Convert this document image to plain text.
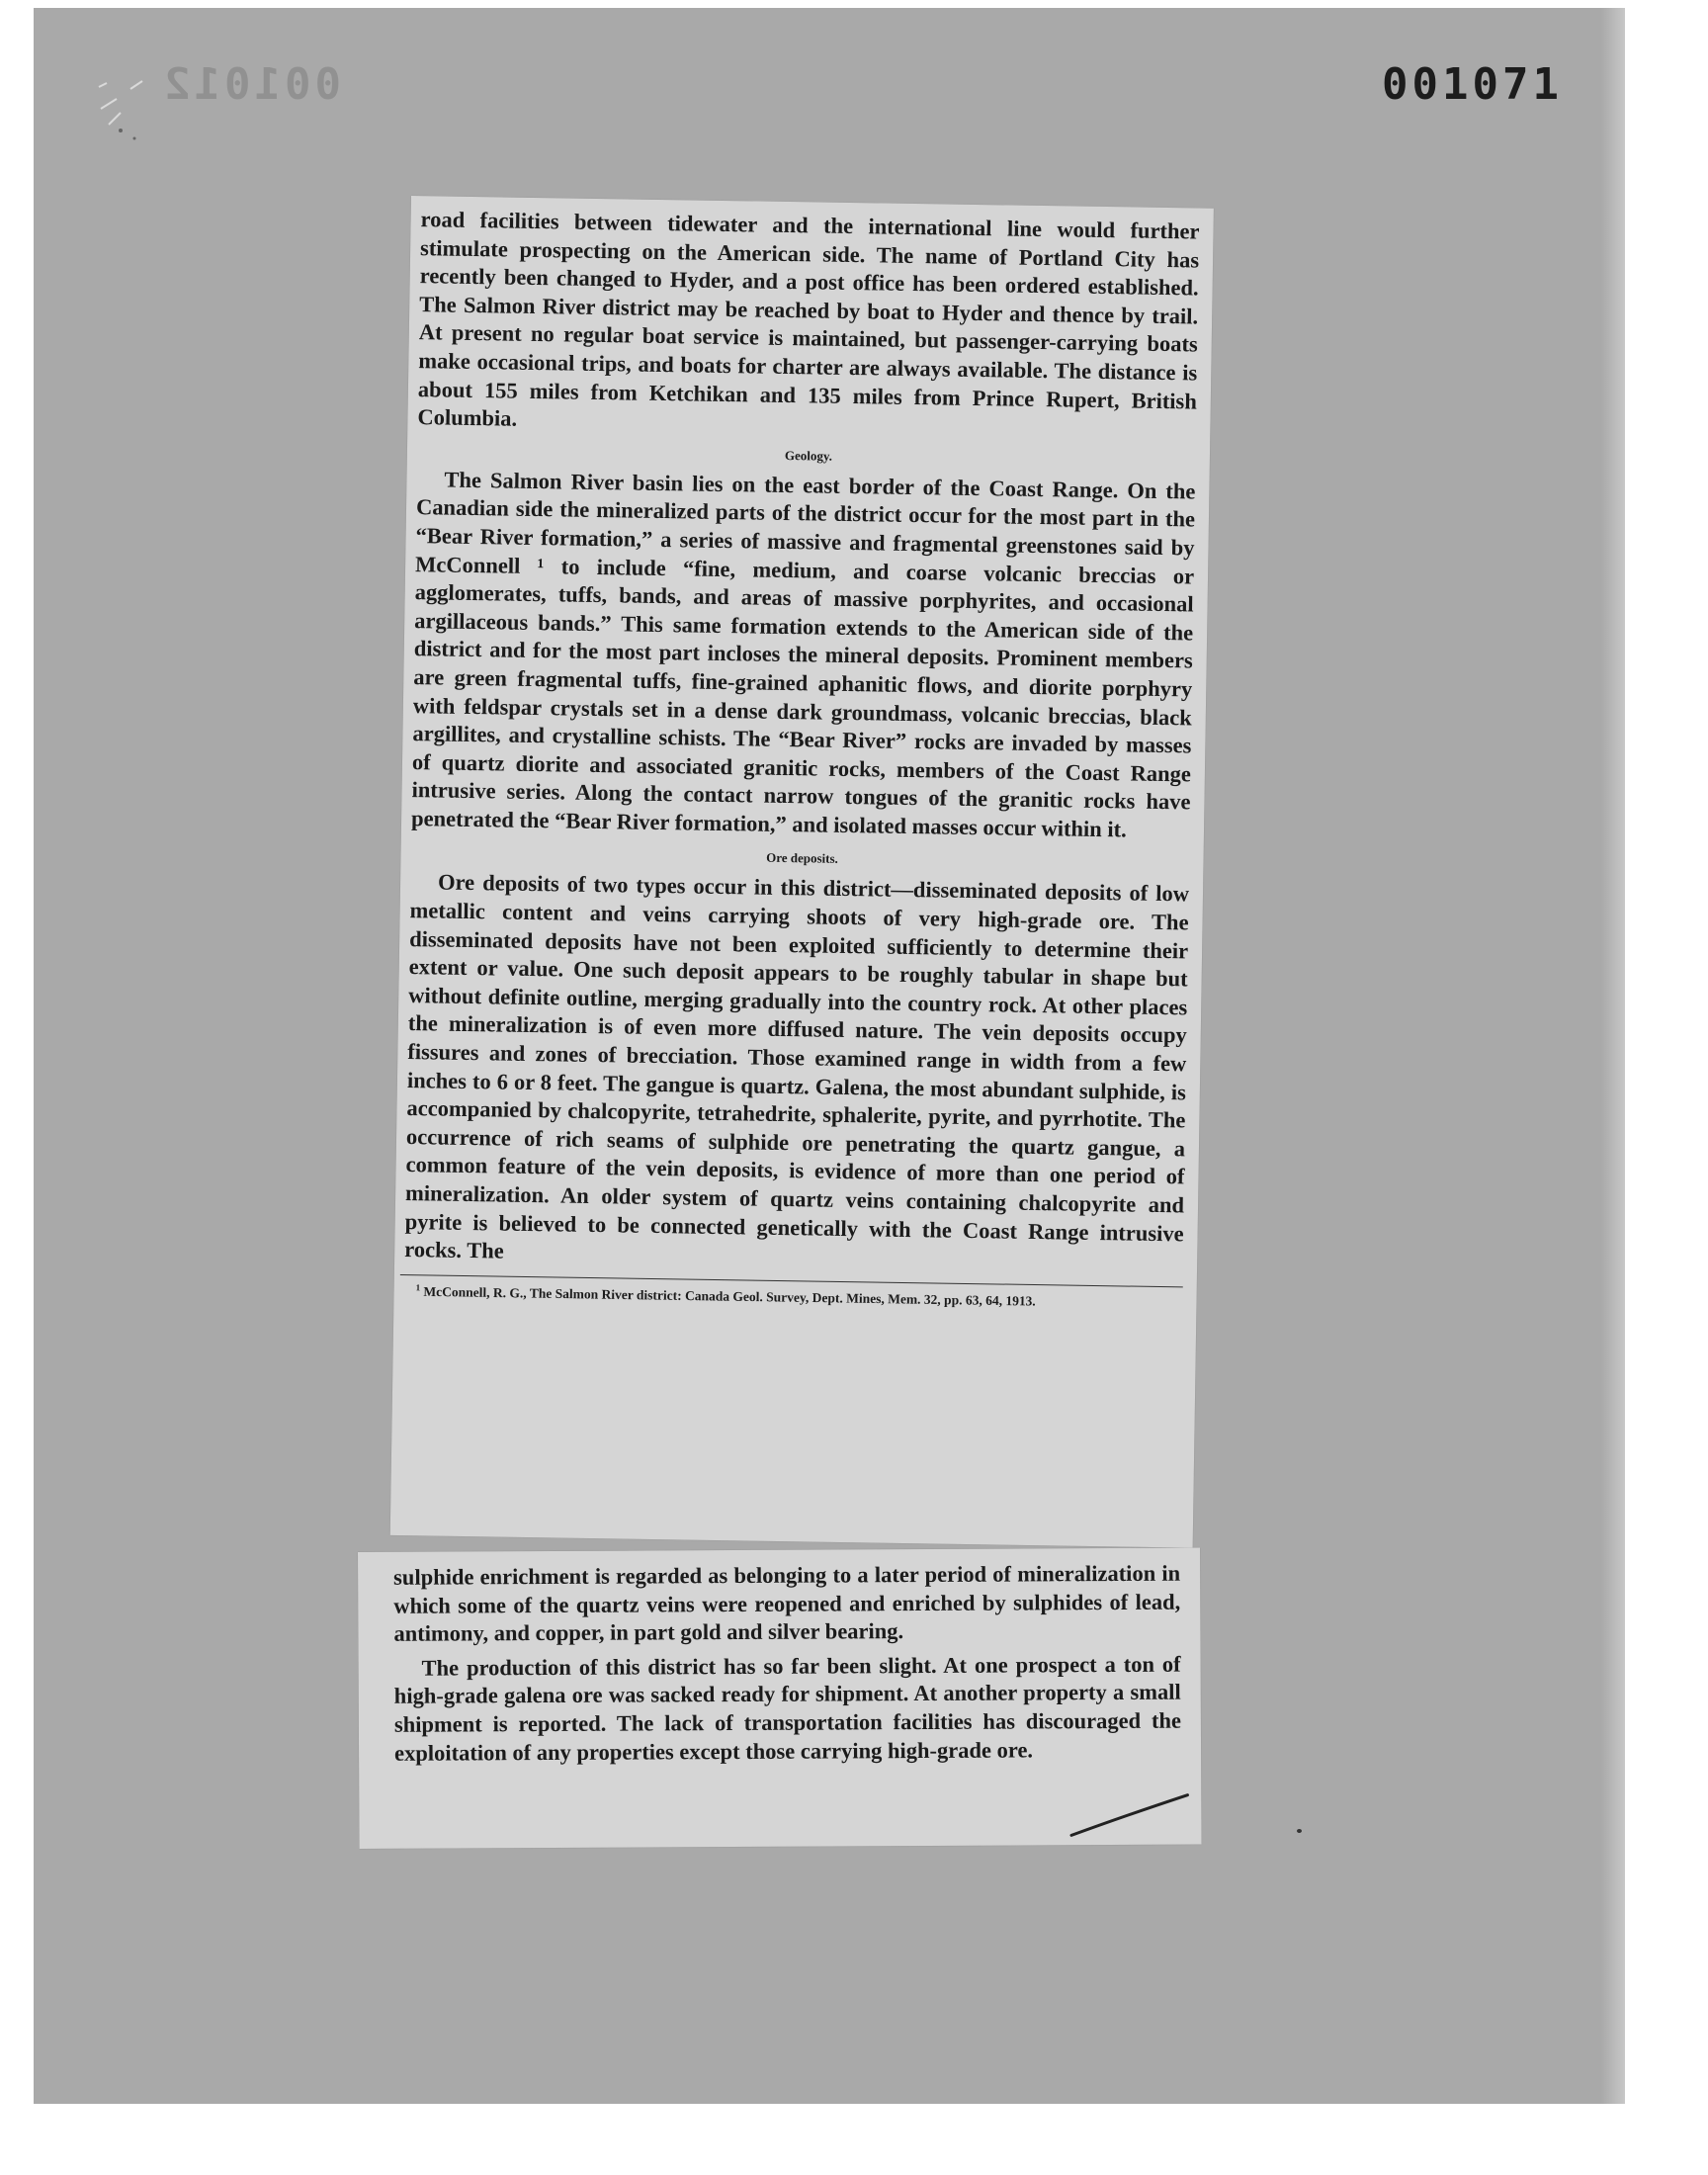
001012	001071

road facilities between tidewater and the international line would further stimulate prospecting on the American side. The name of Portland City has recently been changed to Hyder, and a post office has been ordered established. The Salmon River district may be reached by boat to Hyder and thence by trail. At present no regular boat service is maintained, but passenger-carrying boats make occasional trips, and boats for charter are always available. The distance is about 155 miles from Ketchikan and 135 miles from Prince Rupert, British Columbia.

Geology.

The Salmon River basin lies on the east border of the Coast Range. On the Canadian side the mineralized parts of the district occur for the most part in the “Bear River formation,” a series of massive and fragmental greenstones said by McConnell ¹ to include “fine, medium, and coarse volcanic breccias or agglomerates, tuffs, bands, and areas of massive porphyrites, and occasional argillaceous bands.” This same formation extends to the American side of the district and for the most part incloses the mineral deposits. Prominent members are green fragmental tuffs, fine-grained aphanitic flows, and diorite porphyry with feldspar crystals set in a dense dark groundmass, volcanic breccias, black argillites, and crystalline schists. The “Bear River” rocks are invaded by masses of quartz diorite and associated granitic rocks, members of the Coast Range intrusive series. Along the contact narrow tongues of the granitic rocks have penetrated the “Bear River formation,” and isolated masses occur within it.

Ore deposits.

Ore deposits of two types occur in this district—disseminated deposits of low metallic content and veins carrying shoots of very high-grade ore. The disseminated deposits have not been exploited sufficiently to determine their extent or value. One such deposit appears to be roughly tabular in shape but without definite outline, merging gradually into the country rock. At other places the mineralization is of even more diffused nature. The vein deposits occupy fissures and zones of brecciation. Those examined range in width from a few inches to 6 or 8 feet. The gangue is quartz. Galena, the most abundant sulphide, is accompanied by chalcopyrite, tetrahedrite, sphalerite, pyrite, and pyrrhotite. The occurrence of rich seams of sulphide ore penetrating the quartz gangue, a common feature of the vein deposits, is evidence of more than one period of mineralization. An older system of quartz veins containing chalcopyrite and pyrite is believed to be connected genetically with the Coast Range intrusive rocks. The

$^1$ McConnell, R. G., The Salmon River district: Canada Geol. Survey, Dept. Mines, Mem. 32, pp. 63, 64, 1913.

sulphide enrichment is regarded as belonging to a later period of mineralization in which some of the quartz veins were reopened and enriched by sulphides of lead, antimony, and copper, in part gold and silver bearing.

The production of this district has so far been slight. At one prospect a ton of high-grade galena ore was sacked ready for shipment. At another property a small shipment is reported. The lack of transportation facilities has discouraged the exploitation of any properties except those carrying high-grade ore.
